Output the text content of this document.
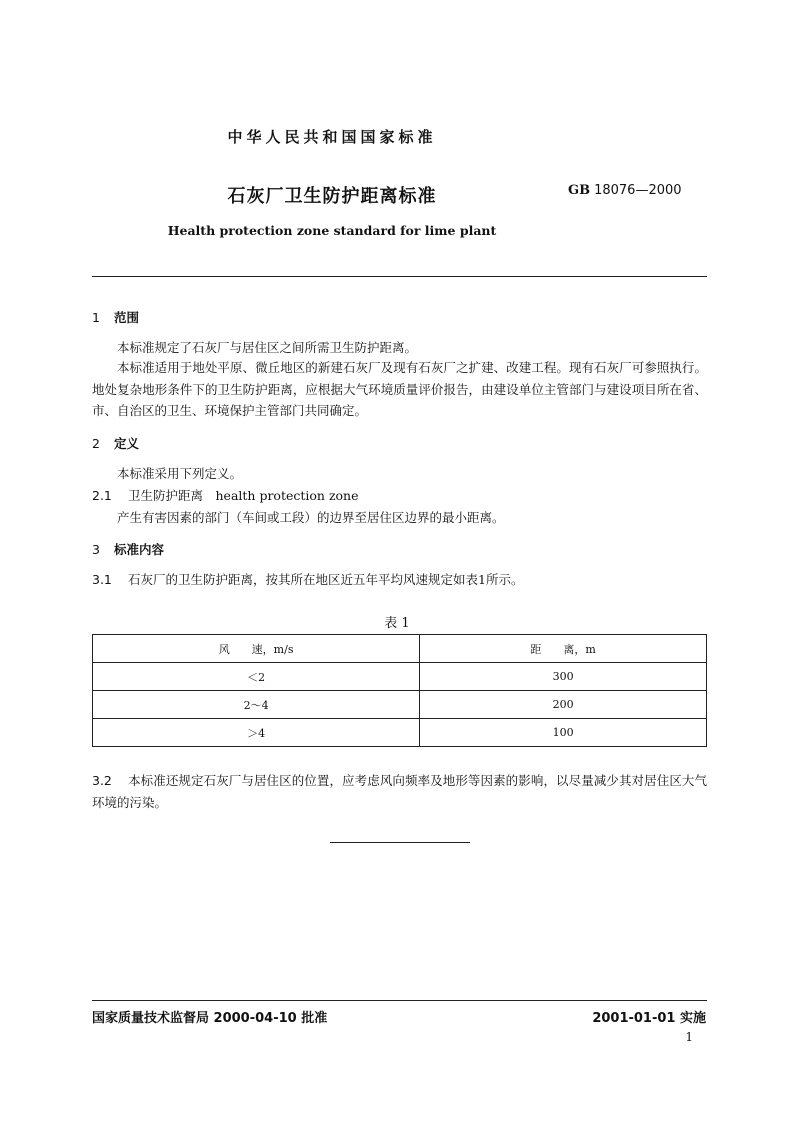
中华人民共和国国家标准
石灰厂卫生防护距离标准	GB 18076—2000
Health protection zone standard for lime plant
1 范围
本标准规定了石灰厂与居住区之间所需卫生防护距离。
本标准适用于地处平原、微丘地区的新建石灰厂及现有石灰厂之扩建、改建工程。现有石灰厂可参照执行。地处复杂地形条件下的卫生防护距离，应根据大气环境质量评价报告，由建设单位主管部门与建设项目所在省、市、自治区的卫生、环境保护主管部门共同确定。
2 定义
本标准采用下列定义。
2.1 卫生防护距离　health protection zone
产生有害因素的部门（车间或工段）的边界至居住区边界的最小距离。
3 标准内容
3.1 石灰厂的卫生防护距离，按其所在地区近五年平均风速规定如表1所示。
表 1
风　　速，m/s	距　　离，m
＜2	300
2～4	200
＞4	100
3.2 本标准还规定石灰厂与居住区的位置，应考虑风向频率及地形等因素的影响，以尽量减少其对居住区大气环境的污染。
国家质量技术监督局 2000-04-10 批准	2001-01-01 实施
1
